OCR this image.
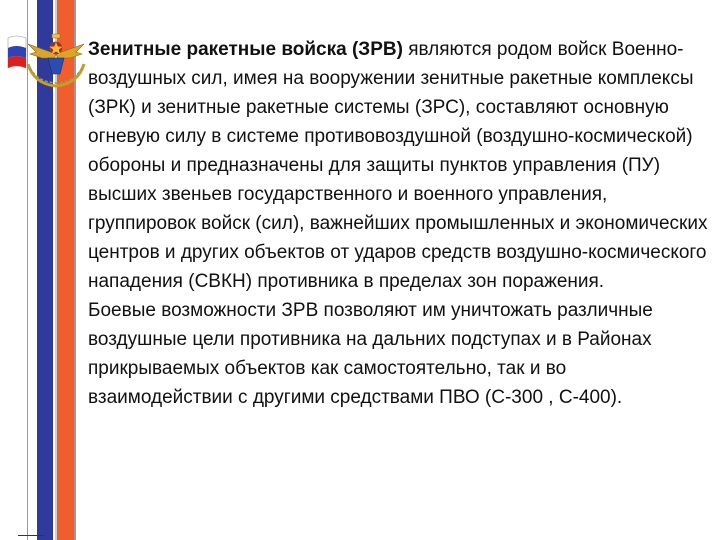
Зенитные ракетные войска (ЗРВ) являются родом войск Военно-воздушных сил, имея на вооружении зенитные ракетные комплексы (ЗРК) и зенитные ракетные системы (ЗРС), составляют основную огневую силу в системе противовоздушной (воздушно-космической) обороны и предназначены для защиты пунктов управления (ПУ) высших звеньев государственного и военного управления, группировок войск (сил), важнейших промышленных и экономических центров и других объектов от ударов средств воздушно-космического нападения (СВКН) противника в пределах зон поражения.

Боевые возможности ЗРВ позволяют им уничтожать различные воздушные цели противника на дальних подступах и в Районах прикрываемых объектов как самостоятельно, так и во взаимодействии с другими средствами ПВО (С-300 , С-400).
